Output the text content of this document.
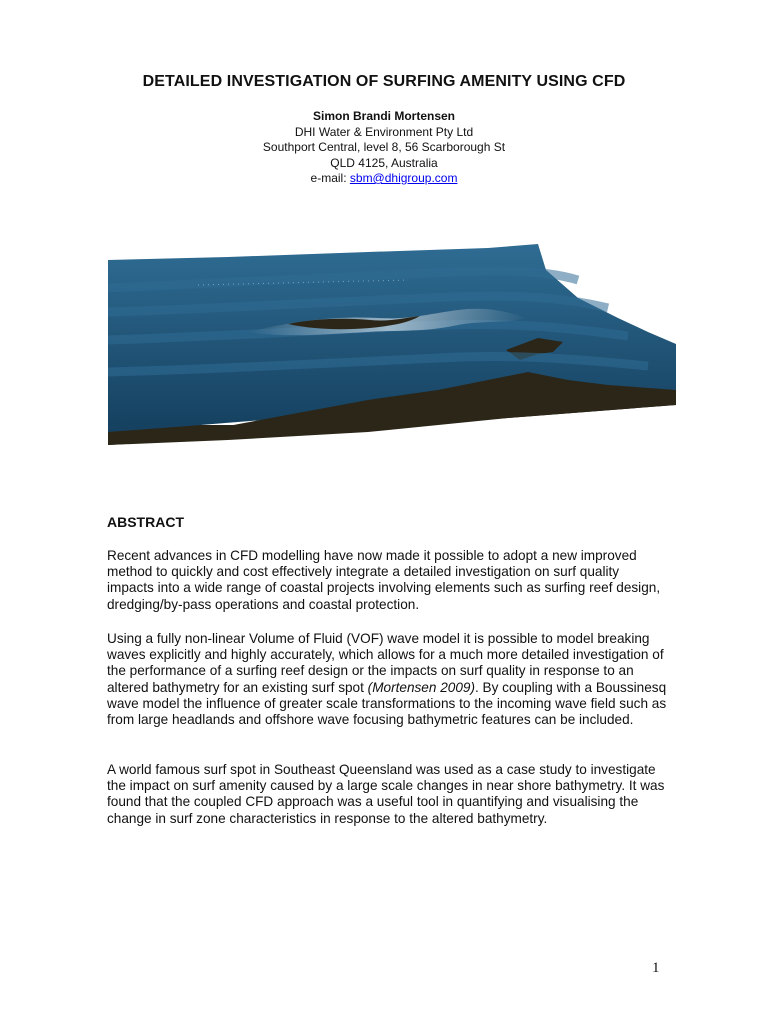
DETAILED INVESTIGATION OF SURFING AMENITY USING CFD
Simon Brandi Mortensen
DHI Water & Environment Pty Ltd
Southport Central, level 8, 56 Scarborough St
QLD 4125, Australia
e-mail: sbm@dhigroup.com
ABSTRACT

Recent advances in CFD modelling have now made it possible to adopt a new improved method to quickly and cost effectively integrate a detailed investigation on surf quality impacts into a wide range of coastal projects involving elements such as surfing reef design, dredging/by-pass operations and coastal protection.

Using a fully non-linear Volume of Fluid (VOF) wave model it is possible to model breaking waves explicitly and highly accurately, which allows for a much more detailed investigation of the performance of a surfing reef design or the impacts on surf quality in response to an altered bathymetry for an existing surf spot (Mortensen 2009). By coupling with a Boussinesq wave model the influence of greater scale transformations to the incoming wave field such as from large headlands and offshore wave focusing bathymetric features can be included.

A world famous surf spot in Southeast Queensland was used as a case study to investigate the impact on surf amenity caused by a large scale changes in near shore bathymetry. It was found that the coupled CFD approach was a useful tool in quantifying and visualising the change in surf zone characteristics in response to the altered bathymetry.

1
